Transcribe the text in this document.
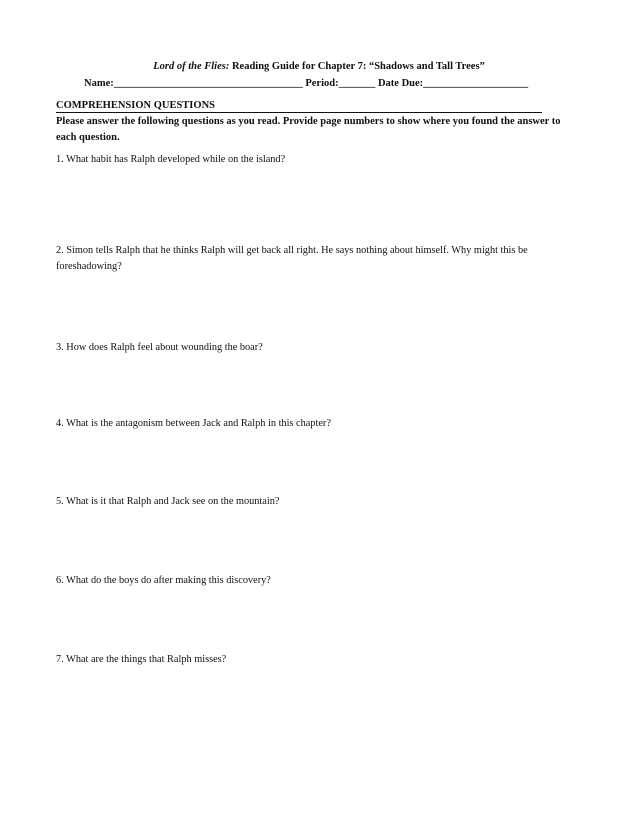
Lord of the Flies: Reading Guide for Chapter 7: “Shadows and Tall Trees”
Name:____________________________________ Period:_______ Date Due:____________________
COMPREHENSION QUESTIONS
Please answer the following questions as you read. Provide page numbers to show where you found the answer to each question.
1. What habit has Ralph developed while on the island?
2. Simon tells Ralph that he thinks Ralph will get back all right. He says nothing about himself. Why might this be foreshadowing?
3. How does Ralph feel about wounding the boar?
4. What is the antagonism between Jack and Ralph in this chapter?
5. What is it that Ralph and Jack see on the mountain?
6. What do the boys do after making this discovery?
7. What are the things that Ralph misses?
